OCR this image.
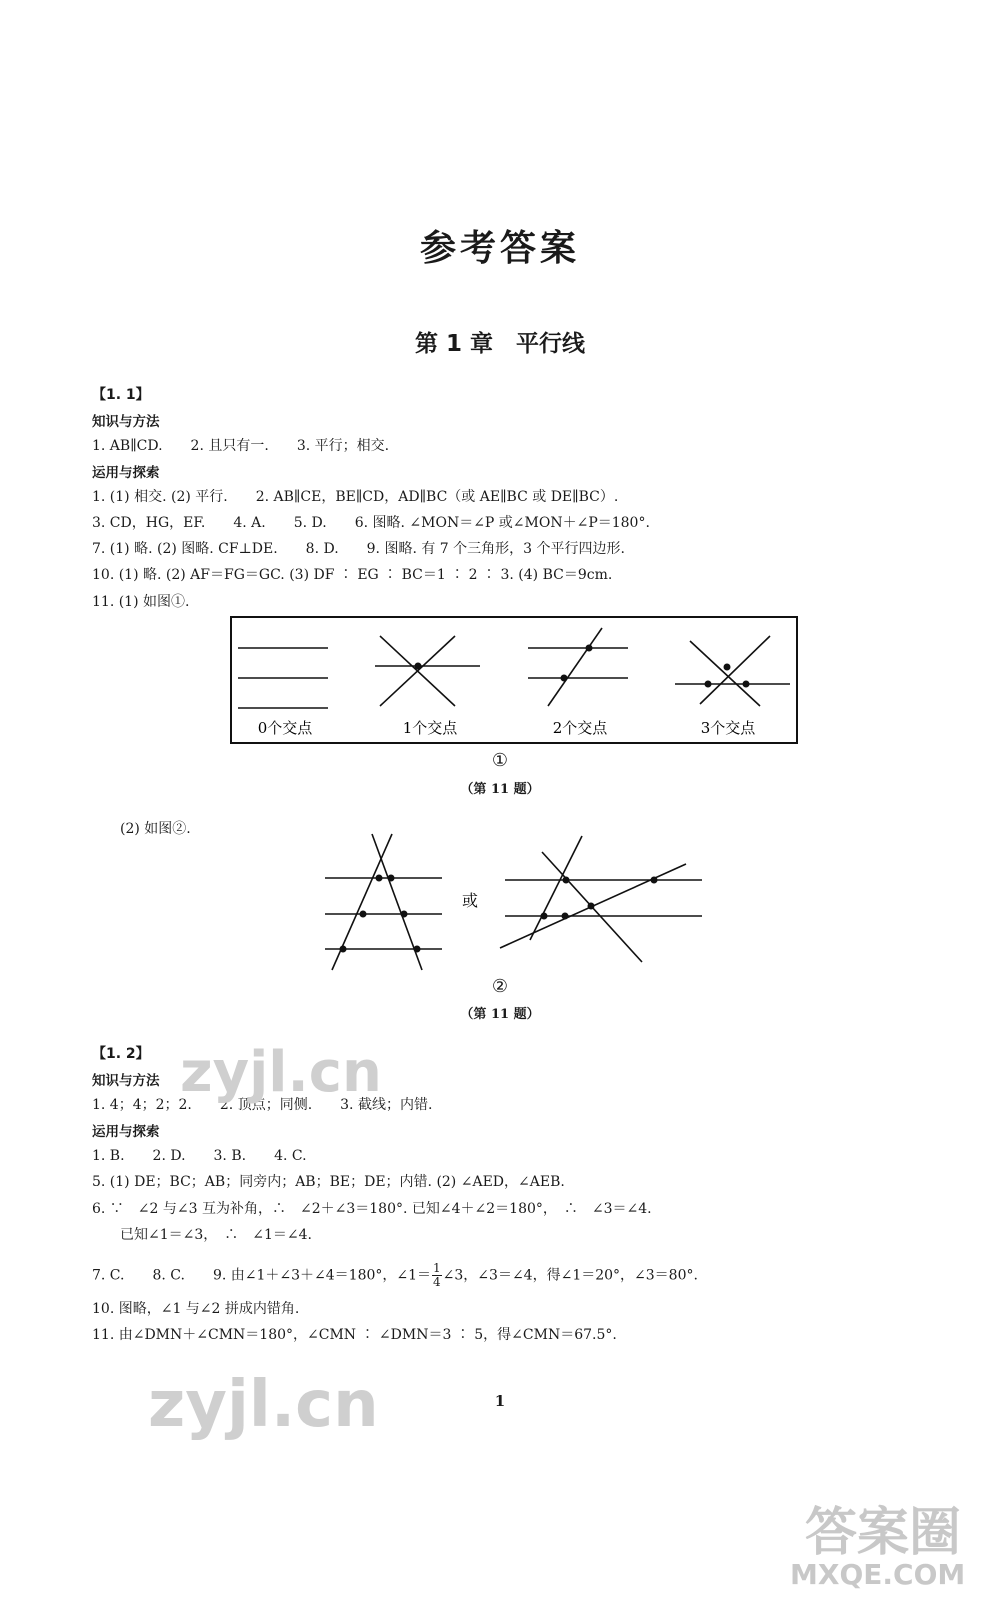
参考答案
第 1 章　平行线
【1. 1】
知识与方法
1. AB∥CD.　　2. 且只有一.　　3. 平行；相交.
运用与探索
1. (1) 相交. (2) 平行.　　2. AB∥CE，BE∥CD，AD∥BC（或 AE∥BC 或 DE∥BC）.
3. CD，HG，EF.　　4. A.　　5. D.　　6. 图略. ∠MON＝∠P 或∠MON＋∠P＝180°.
7. (1) 略. (2) 图略. CF⊥DE.　　8. D.　　9. 图略. 有 7 个三角形，3 个平行四边形.
10. (1) 略. (2) AF＝FG＝GC. (3) DF ∶ EG ∶ BC＝1 ∶ 2 ∶ 3. (4) BC＝9cm.
11. (1) 如图①.
0个交点	1个交点	2个交点	3个交点
①
（第 11 题）
(2) 如图②.
或
②
（第 11 题）
【1. 2】
知识与方法
1. 4；4；2；2.　　2. 顶点；同侧.　　3. 截线；内错.
运用与探索
1. B.　　2. D.　　3. B.　　4. C.
5. (1) DE；BC；AB；同旁内；AB；BE；DE；内错. (2) ∠AED，∠AEB.
6. ∵　∠2 与∠3 互为补角，∴　∠2＋∠3＝180°. 已知∠4＋∠2＝180°，　∴　∠3＝∠4.
已知∠1＝∠3，　∴　∠1＝∠4.
7. C.　　8. C.　　9. 由∠1＋∠3＋∠4＝180°，∠1＝ $\frac{1}{4}$ ∠3，∠3＝∠4，得∠1＝20°，∠3＝80°.
10. 图略，∠1 与∠2 拼成内错角.
11. 由∠DMN＋∠CMN＝180°，∠CMN ∶ ∠DMN＝3 ∶ 5，得∠CMN＝67.5°.
1
zyjl.cn
zyjl.cn
答案圈
MXQE.COM
